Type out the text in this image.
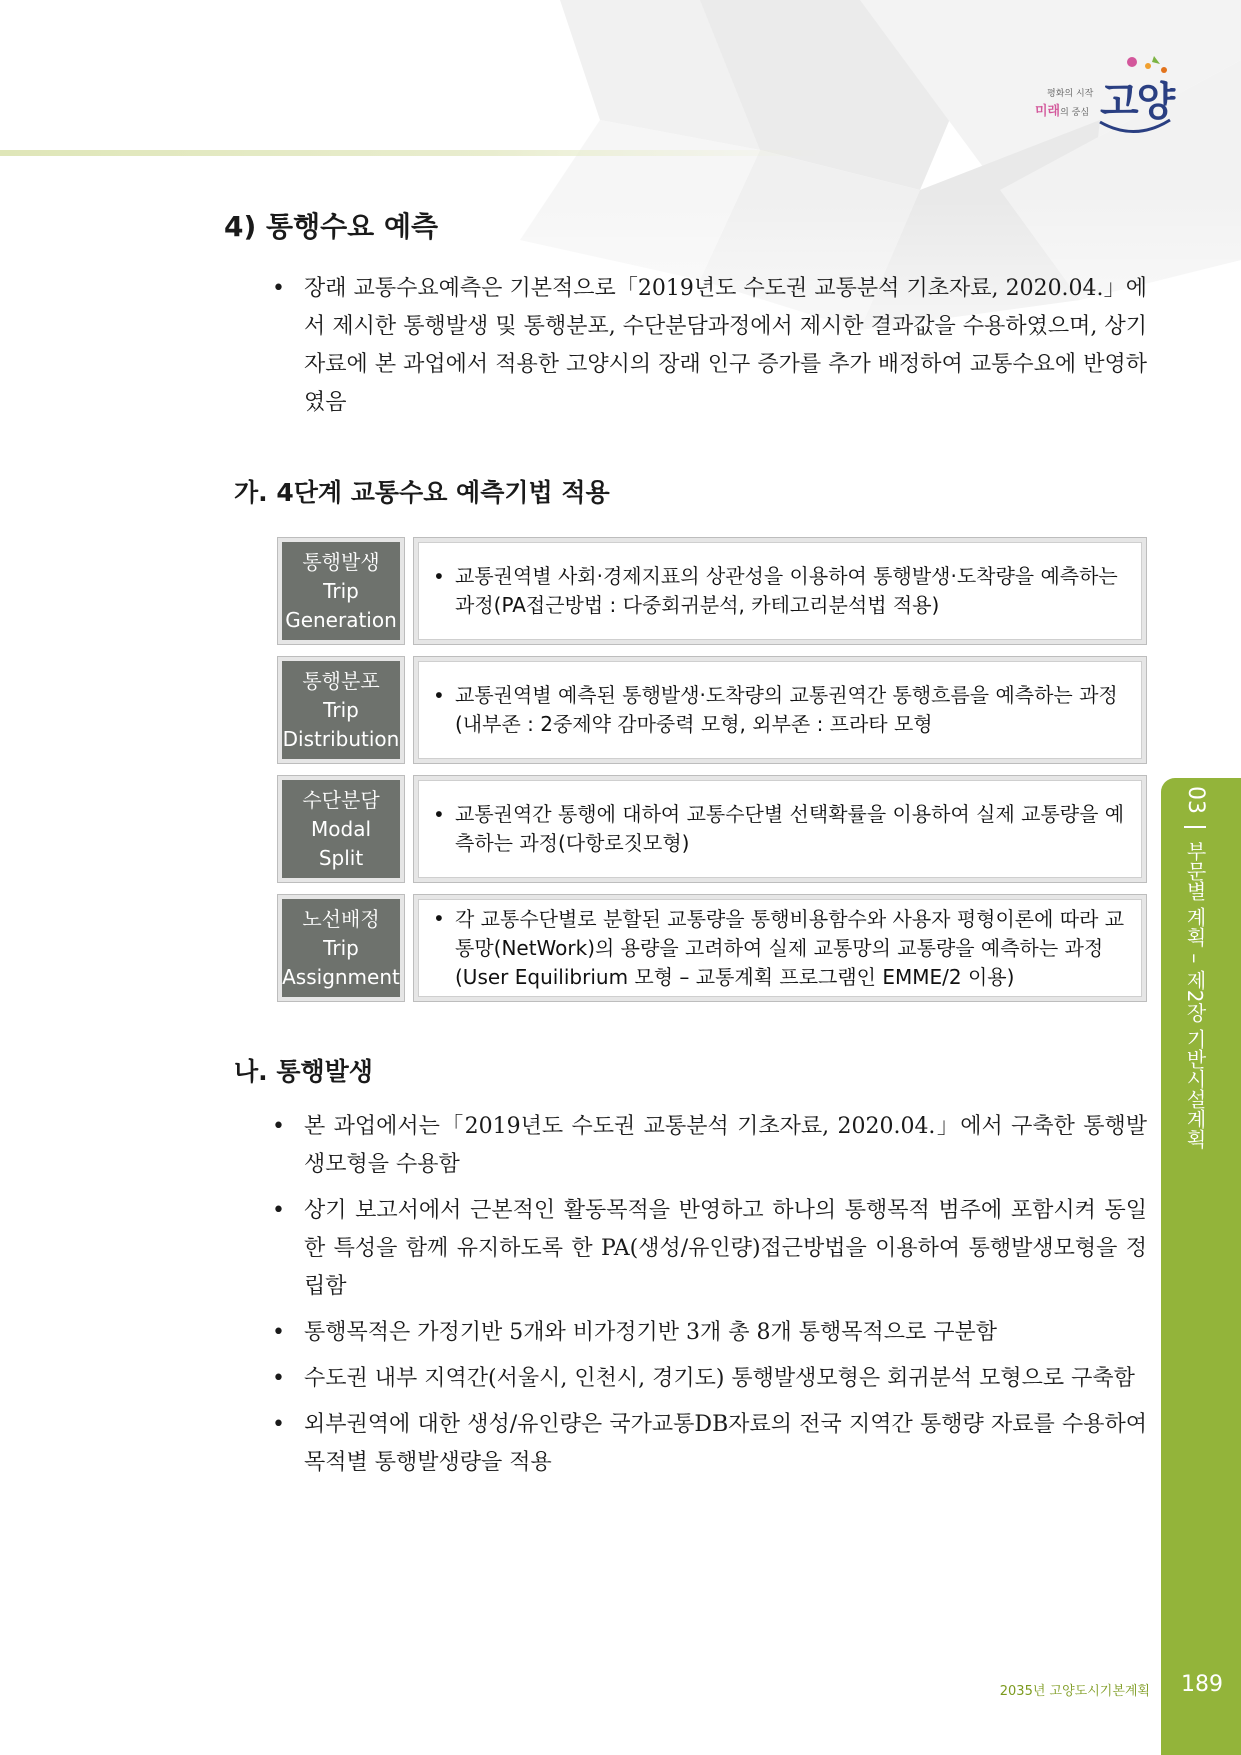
평화의 시작
미래의 중심 고양
03  부문별 계획 – 제2장 기반시설계획
4) 통행수요 예측
• 장래 교통수요예측은 기본적으로「2019년도 수도권 교통분석 기초자료, 2020.04.」에서 제시한 통행발생 및 통행분포, 수단분담과정에서 제시한 결과값을 수용하였으며, 상기자료에 본 과업에서 적용한 고양시의 장래 인구 증가를 추가 배정하여 교통수요에 반영하였음
가. 4단계 교통수요 예측기법 적용
통행발생
Trip
Generation
• 교통권역별 사회·경제지표의 상관성을 이용하여 통행발생·도착량을 예측하는 과정(PA접근방법 : 다중회귀분석, 카테고리분석법 적용)
통행분포
Trip
Distribution
• 교통권역별 예측된 통행발생·도착량의 교통권역간 통행흐름을 예측하는 과정(내부존 : 2중제약 감마중력 모형, 외부존 : 프라타 모형
수단분담
Modal
Split
• 교통권역간 통행에 대하여 교통수단별 선택확률을 이용하여 실제 교통량을 예측하는 과정(다항로짓모형)
노선배정
Trip
Assignment
• 각 교통수단별로 분할된 교통량을 통행비용함수와 사용자 평형이론에 따라 교통망(NetWork)의 용량을 고려하여 실제 교통망의 교통량을 예측하는 과정(User Equilibrium 모형 – 교통계획 프로그램인 EMME/2 이용)
나. 통행발생
• 본 과업에서는「2019년도 수도권 교통분석 기초자료, 2020.04.」에서 구축한 통행발생모형을 수용함
• 상기 보고서에서 근본적인 활동목적을 반영하고 하나의 통행목적 범주에 포함시켜 동일한 특성을 함께 유지하도록 한 PA(생성/유인량)접근방법을 이용하여 통행발생모형을 정립함
• 통행목적은 가정기반 5개와 비가정기반 3개 총 8개 통행목적으로 구분함
• 수도권 내부 지역간(서울시, 인천시, 경기도) 통행발생모형은 회귀분석 모형으로 구축함
• 외부권역에 대한 생성/유인량은 국가교통DB자료의 전국 지역간 통행량 자료를 수용하여 목적별 통행발생량을 적용
2035년 고양도시기본계획	189
